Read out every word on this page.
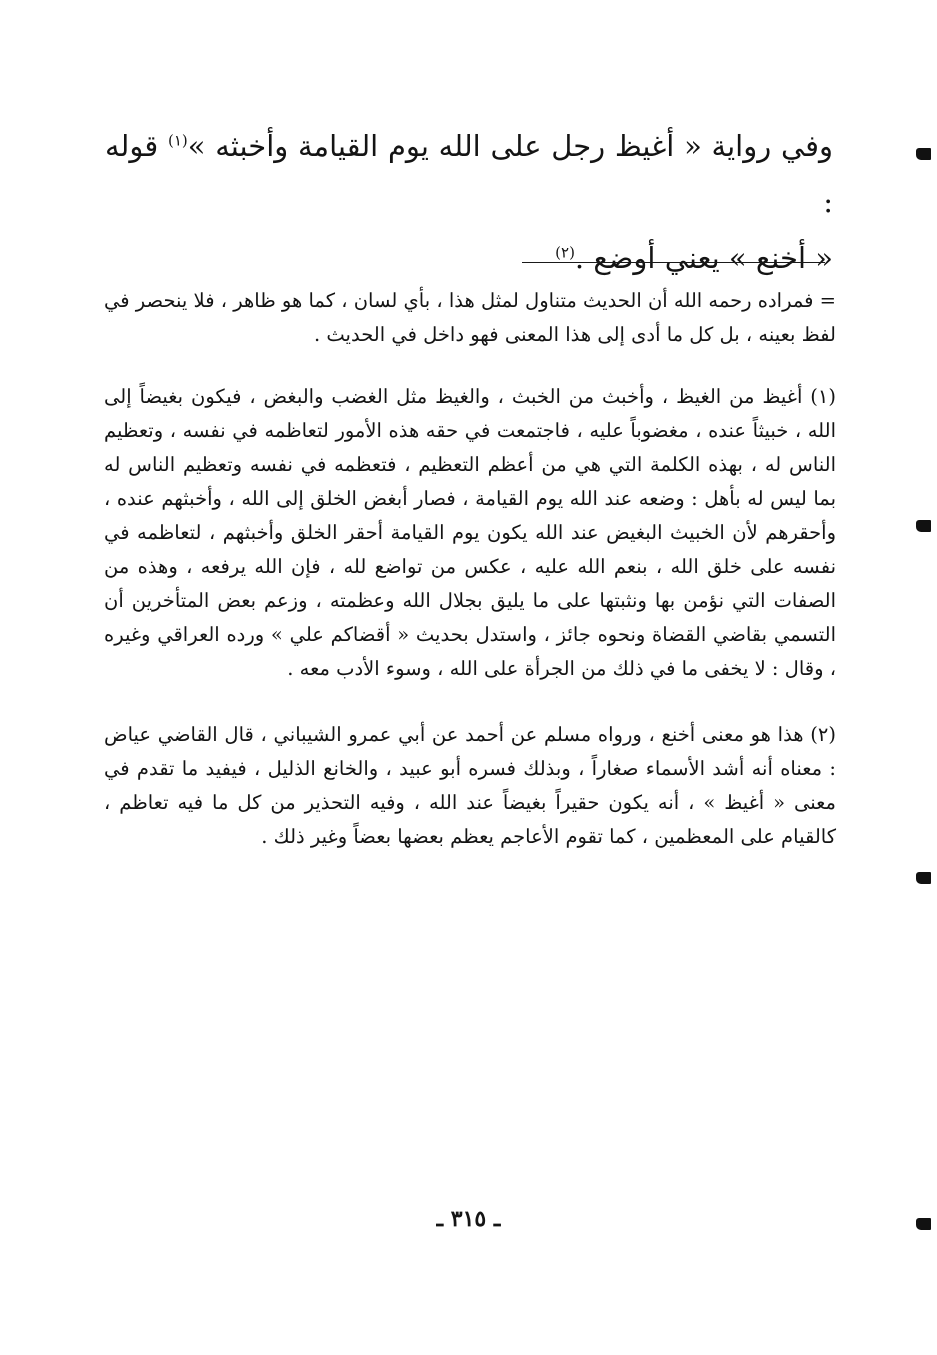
وفي رواية « أغيظ رجل على الله يوم القيامة وأخبثه »$^{(١)}$ قوله :

« أخنع » يعني أوضع .$^{(٢)}$

= فمراده رحمه الله أن الحديث متناول لمثل هذا ، بأي لسان ، كما هو ظاهر ، فلا ينحصر في لفظ بعينه ، بل كل ما أدى إلى هذا المعنى فهو داخل في الحديث .

(١) أغيظ من الغيظ ، وأخبث من الخبث ، والغيظ مثل الغضب والبغض ، فيكون بغيضاً إلى الله ، خبيثاً عنده ، مغضوباً عليه ، فاجتمعت في حقه هذه الأمور لتعاظمه في نفسه ، وتعظيم الناس له ، بهذه الكلمة التي هي من أعظم التعظيم ، فتعظمه في نفسه وتعظيم الناس له بما ليس له بأهل : وضعه عند الله يوم القيامة ، فصار أبغض الخلق إلى الله ، وأخبثهم عنده ، وأحقرهم لأن الخبيث البغيض عند الله يكون يوم القيامة أحقر الخلق وأخبثهم ، لتعاظمه في نفسه على خلق الله ، بنعم الله عليه ، عكس من تواضع لله ، فإن الله يرفعه ، وهذه من الصفات التي نؤمن بها ونثبتها على ما يليق بجلال الله وعظمته ، وزعم بعض المتأخرين أن التسمي بقاضي القضاة ونحوه جائز ، واستدل بحديث « أقضاكم علي » ورده العراقي وغيره ، وقال : لا يخفى ما في ذلك من الجرأة على الله ، وسوء الأدب معه .

(٢) هذا هو معنى أخنع ، ورواه مسلم عن أحمد عن أبي عمرو الشيباني ، قال القاضي عياض : معناه أنه أشد الأسماء صغاراً ، وبذلك فسره أبو عبيد ، والخانع الذليل ، فيفيد ما تقدم في معنى « أغيظ » ، أنه يكون حقيراً بغيضاً عند الله ، وفيه التحذير من كل ما فيه تعاظم ، كالقيام على المعظمين ، كما تقوم الأعاجم يعظم بعضها بعضاً وغير ذلك .

ـ ٣١٥ ـ
